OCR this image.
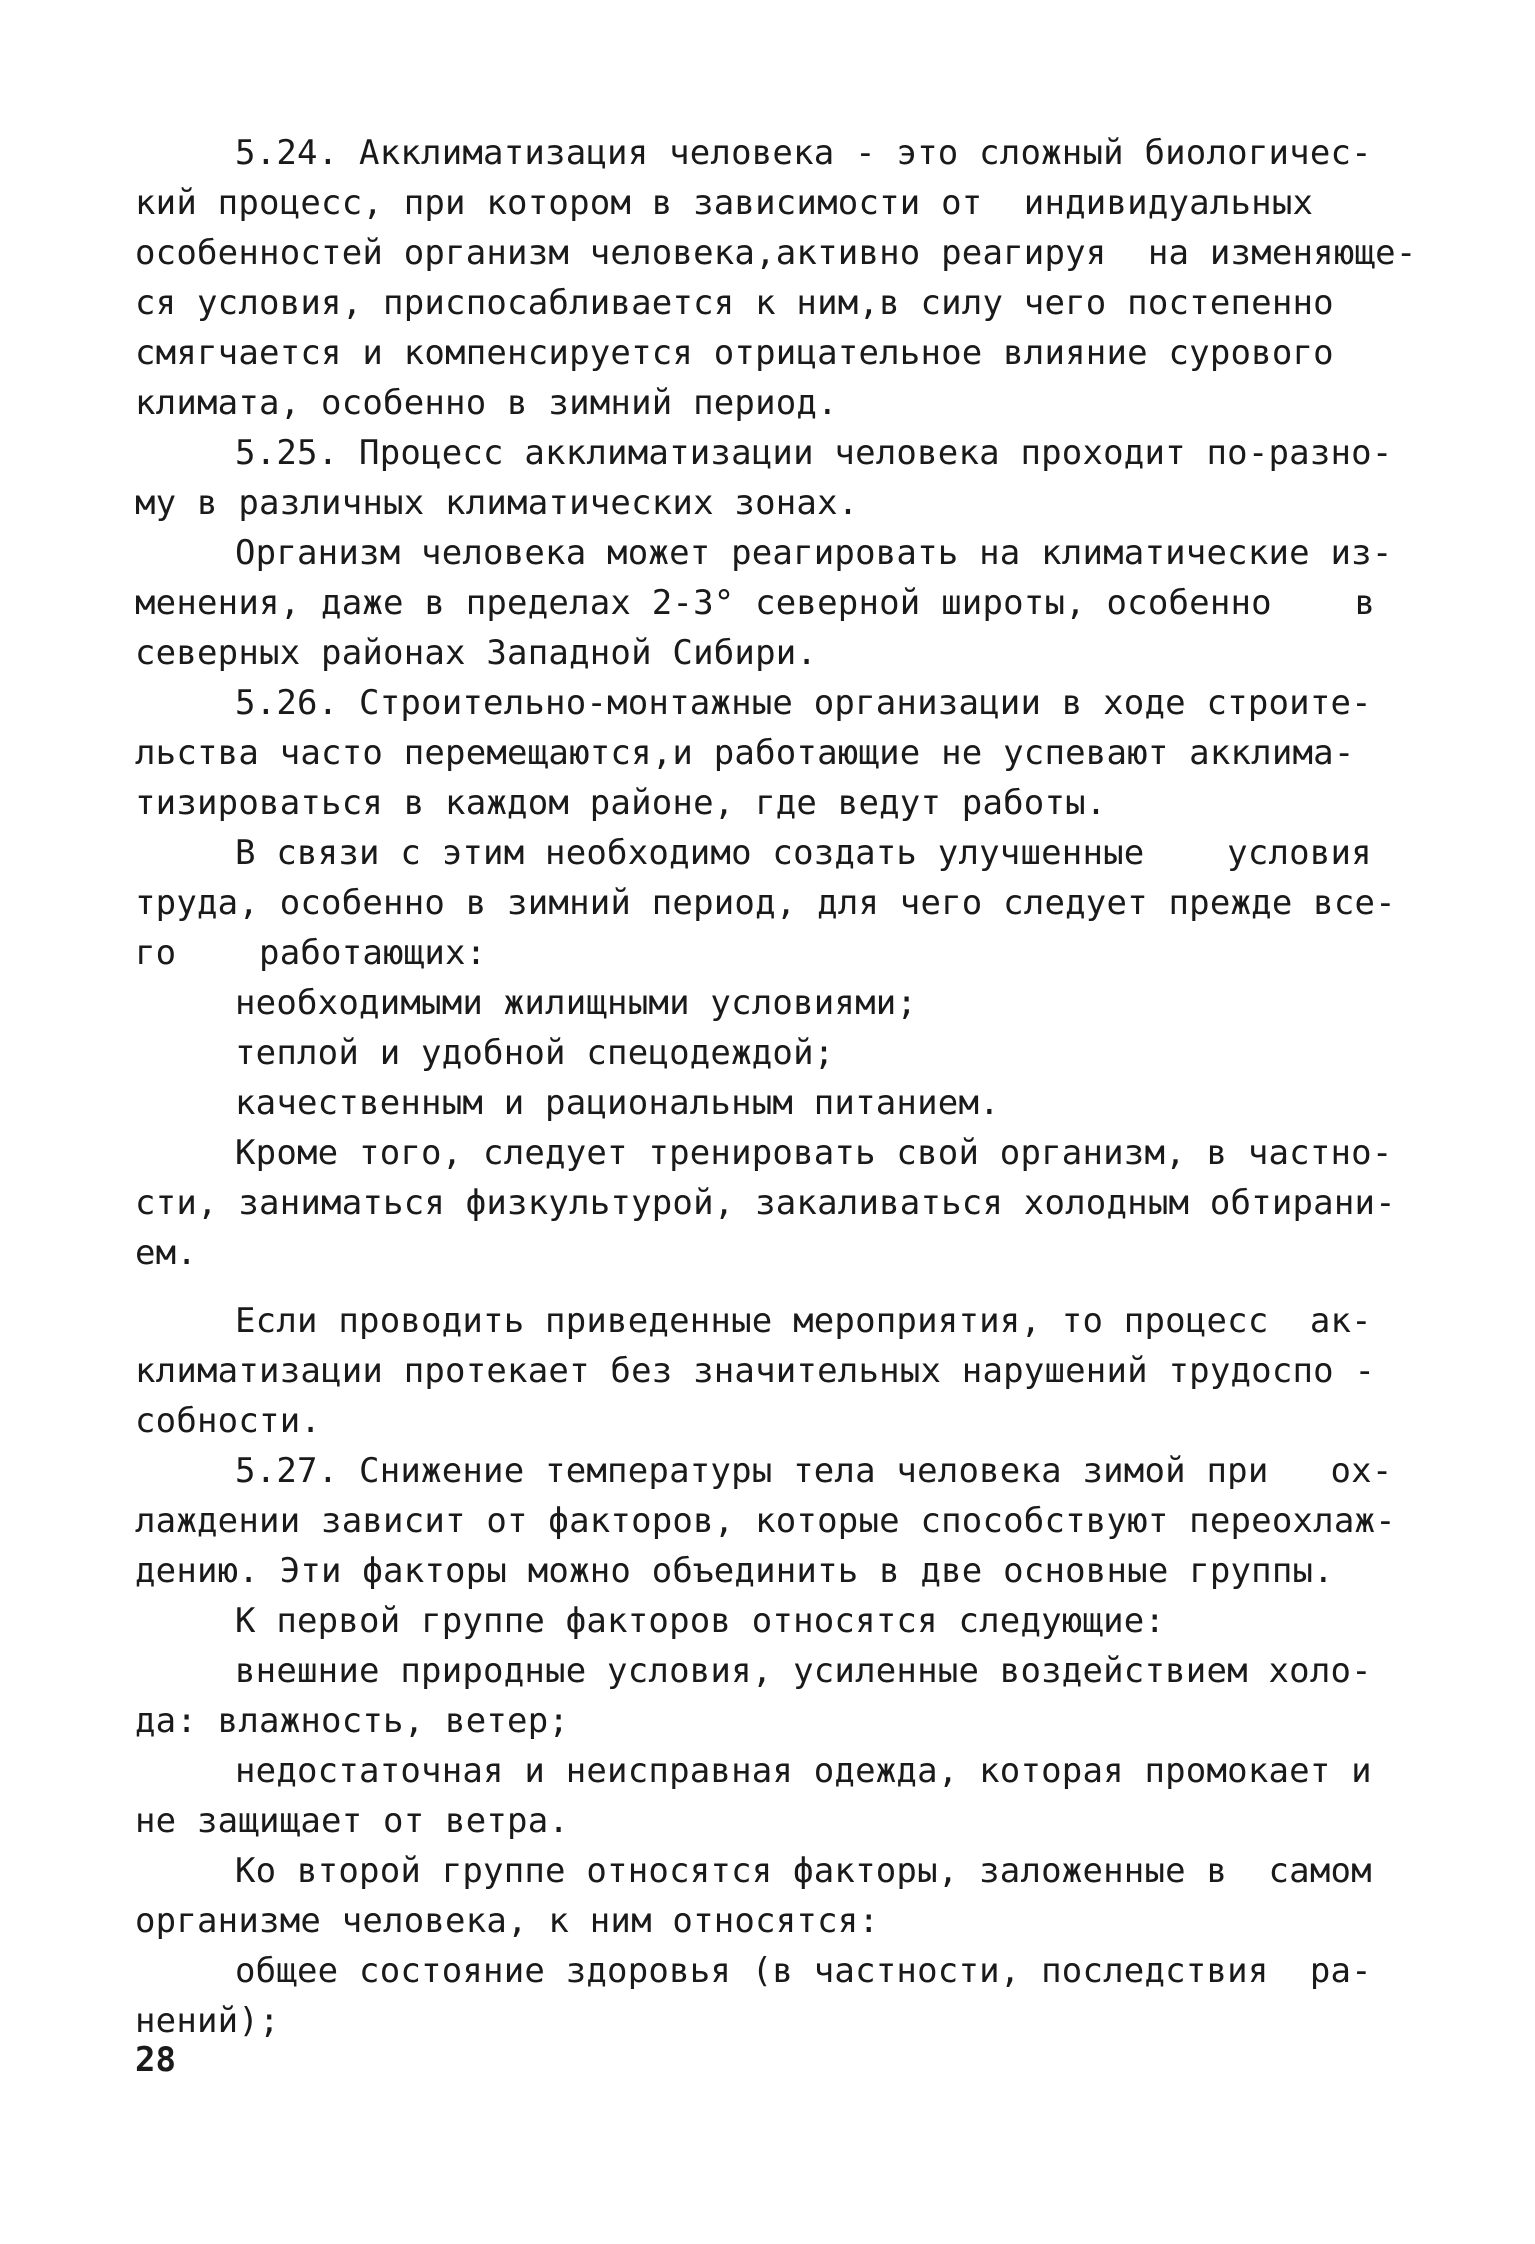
5.24. Акклиматизация человека - это сложный биологичес-
кий процесс, при котором в зависимости от  индивидуальных
особенностей организм человека,активно реагируя  на изменяюще-
ся условия, приспосабливается к ним,в силу чего постепенно
смягчается и компенсируется отрицательное влияние сурового
климата, особенно в зимний период.
5.25. Процесс акклиматизации человека проходит по-разно-
му в различных климатических зонах.
Организм человека может реагировать на климатические из-
менения, даже в пределах 2-3° северной широты, особенно    в
северных районах Западной Сибири.
5.26. Строительно-монтажные организации в ходе строите-
льства часто перемещаются,и работающие не успевают акклима-
тизироваться в каждом районе, где ведут работы.
В связи с этим необходимо создать улучшенные    условия
труда, особенно в зимний период, для чего следует прежде все-
го    работающих:
необходимыми жилищными условиями;
теплой и удобной спецодеждой;
качественным и рациональным питанием.
Кроме того, следует тренировать свой организм, в частно-
сти, заниматься физкультурой, закаливаться холодным обтирани-
ем.
Если проводить приведенные мероприятия, то процесс  ак-
климатизации протекает без значительных нарушений трудоспо -
собности.
5.27. Снижение температуры тела человека зимой при   ох-
лаждении зависит от факторов, которые способствуют переохлаж-
дению. Эти факторы можно объединить в две основные группы.
К первой группе факторов относятся следующие:
внешние природные условия, усиленные воздействием холо-
да: влажность, ветер;
недостаточная и неисправная одежда, которая промокает и
не защищает от ветра.
Ко второй группе относятся факторы, заложенные в  самом
организме человека, к ним относятся:
общее состояние здоровья (в частности, последствия  ра-
нений);
28
